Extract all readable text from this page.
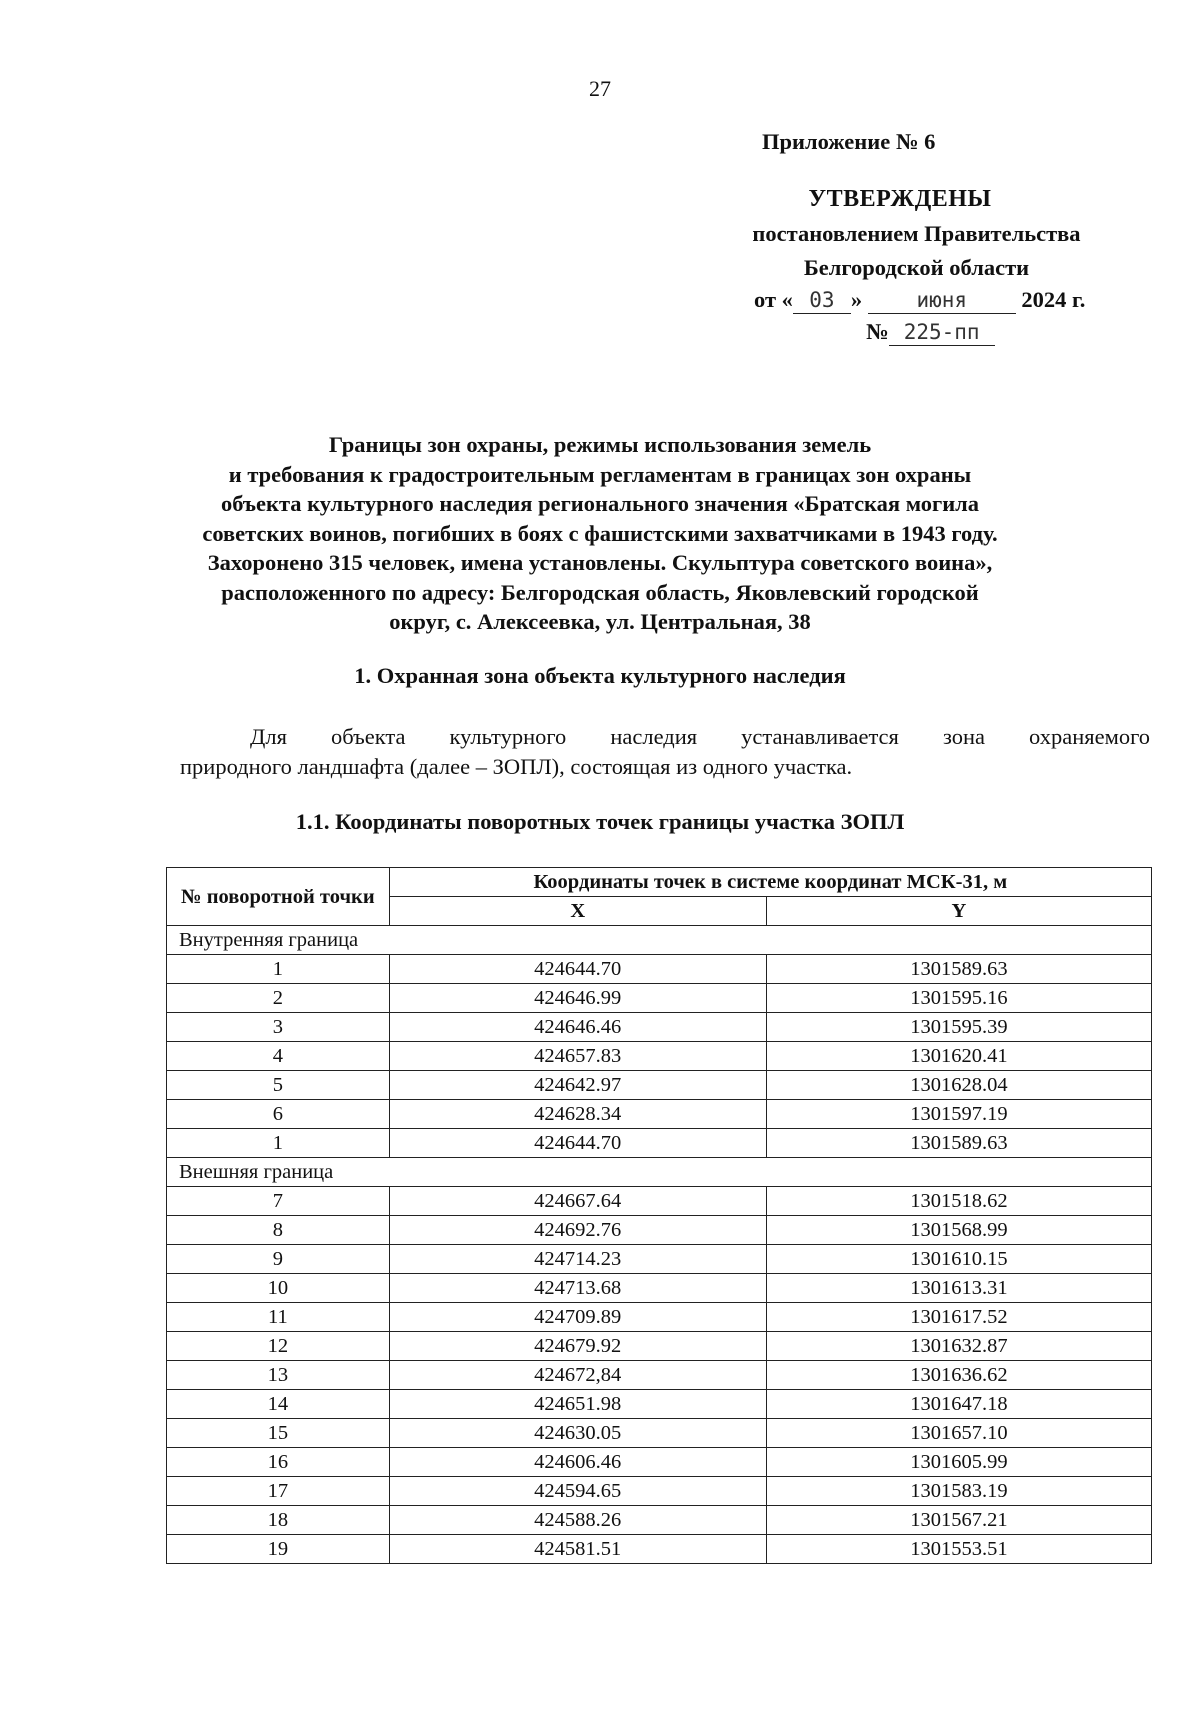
27
Приложение № 6
УТВЕРЖДЕНЫ
постановлением Правительства
Белгородской области
от « 03 »	июня 2024 г.
№ 225-пп
Границы зон охраны, режимы использования земель
и требования к градостроительным регламентам в границах зон охраны
объекта культурного наследия регионального значения «Братская могила
советских воинов, погибших в боях с фашистскими захватчиками в 1943 году.
Захоронено 315 человек, имена установлены. Скульптура советского воина»,
расположенного по адресу: Белгородская область, Яковлевский городской
округ, с. Алексеевка, ул. Центральная, 38
1. Охранная зона объекта культурного наследия
Для объекта культурного наследия устанавливается зона охраняемого
природного ландшафта (далее – ЗОПЛ), состоящая из одного участка.
1.1. Координаты поворотных точек границы участка ЗОПЛ
№ поворотной точки	Координаты точек в системе координат МСК-31, м	
	X	Y
Внутренняя граница		
1	424644.70	1301589.63
2	424646.99	1301595.16
3	424646.46	1301595.39
4	424657.83	1301620.41
5	424642.97	1301628.04
6	424628.34	1301597.19
1	424644.70	1301589.63
Внешняя граница		
7	424667.64	1301518.62
8	424692.76	1301568.99
9	424714.23	1301610.15
10	424713.68	1301613.31
11	424709.89	1301617.52
12	424679.92	1301632.87
13	424672,84	1301636.62
14	424651.98	1301647.18
15	424630.05	1301657.10
16	424606.46	1301605.99
17	424594.65	1301583.19
18	424588.26	1301567.21
19	424581.51	1301553.51
